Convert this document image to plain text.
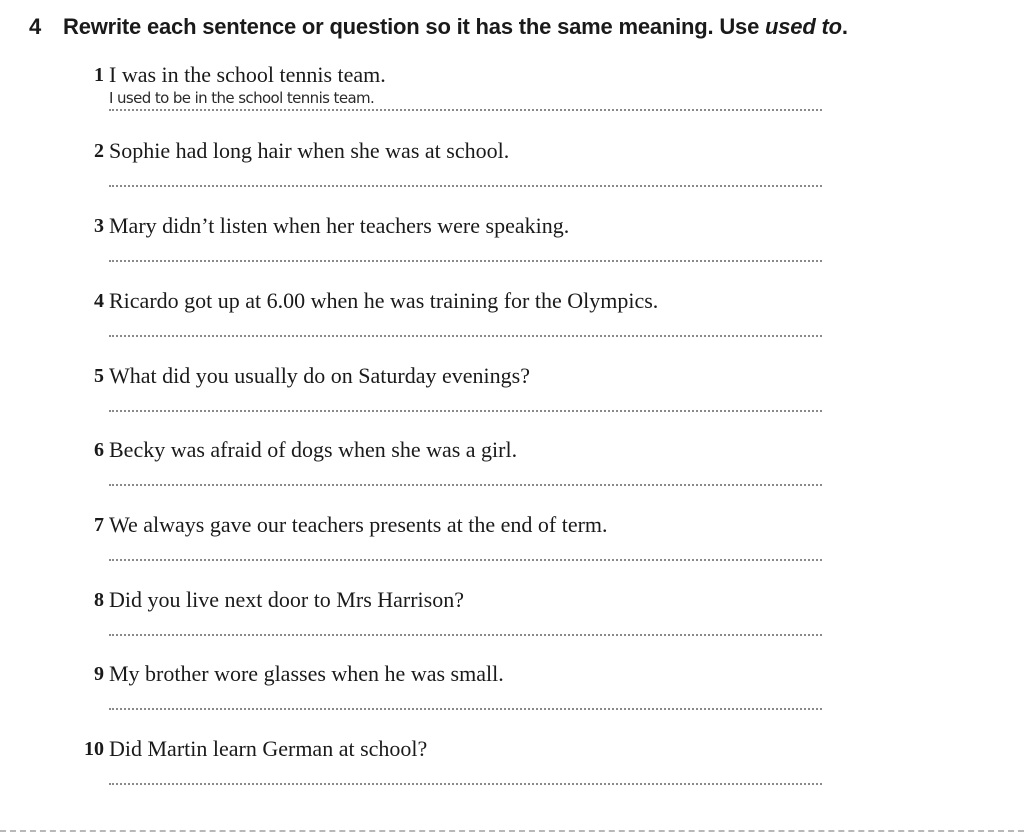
4 Rewrite each sentence or question so it has the same meaning. Use used to.
1 I was in the school tennis team.
I used to be in the school tennis team.
2 Sophie had long hair when she was at school.
3 Mary didn’t listen when her teachers were speaking.
4 Ricardo got up at 6.00 when he was training for the Olympics.
5 What did you usually do on Saturday evenings?
6 Becky was afraid of dogs when she was a girl.
7 We always gave our teachers presents at the end of term.
8 Did you live next door to Mrs Harrison?
9 My brother wore glasses when he was small.
10 Did Martin learn German at school?
